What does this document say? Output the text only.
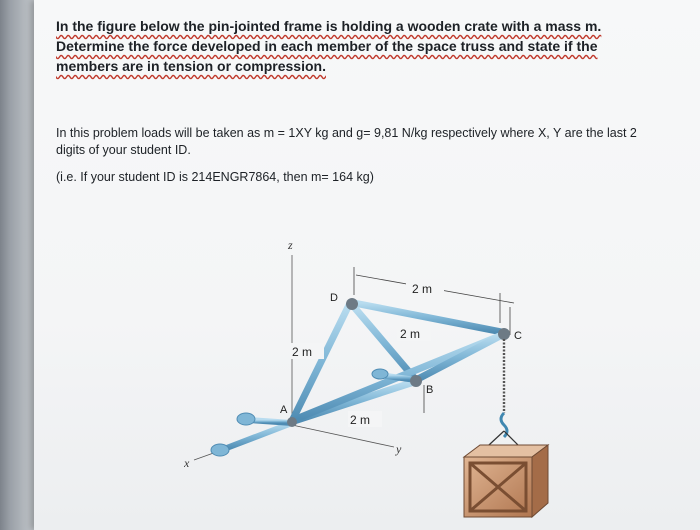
In the figure below the pin-jointed frame is holding a wooden crate with a mass m. Determine the force developed in each member of the space truss and state if the members are in tension or compression.
In this problem loads will be taken as m = 1XY kg and g= 9,81 N/kg respectively where X, Y are the last 2 digits of your student ID.
(i.e. If your student ID is 214ENGR7864, then m= 164 kg)
z
x
y
2 m
A
D
B
C
2 m
2 m
2 m
